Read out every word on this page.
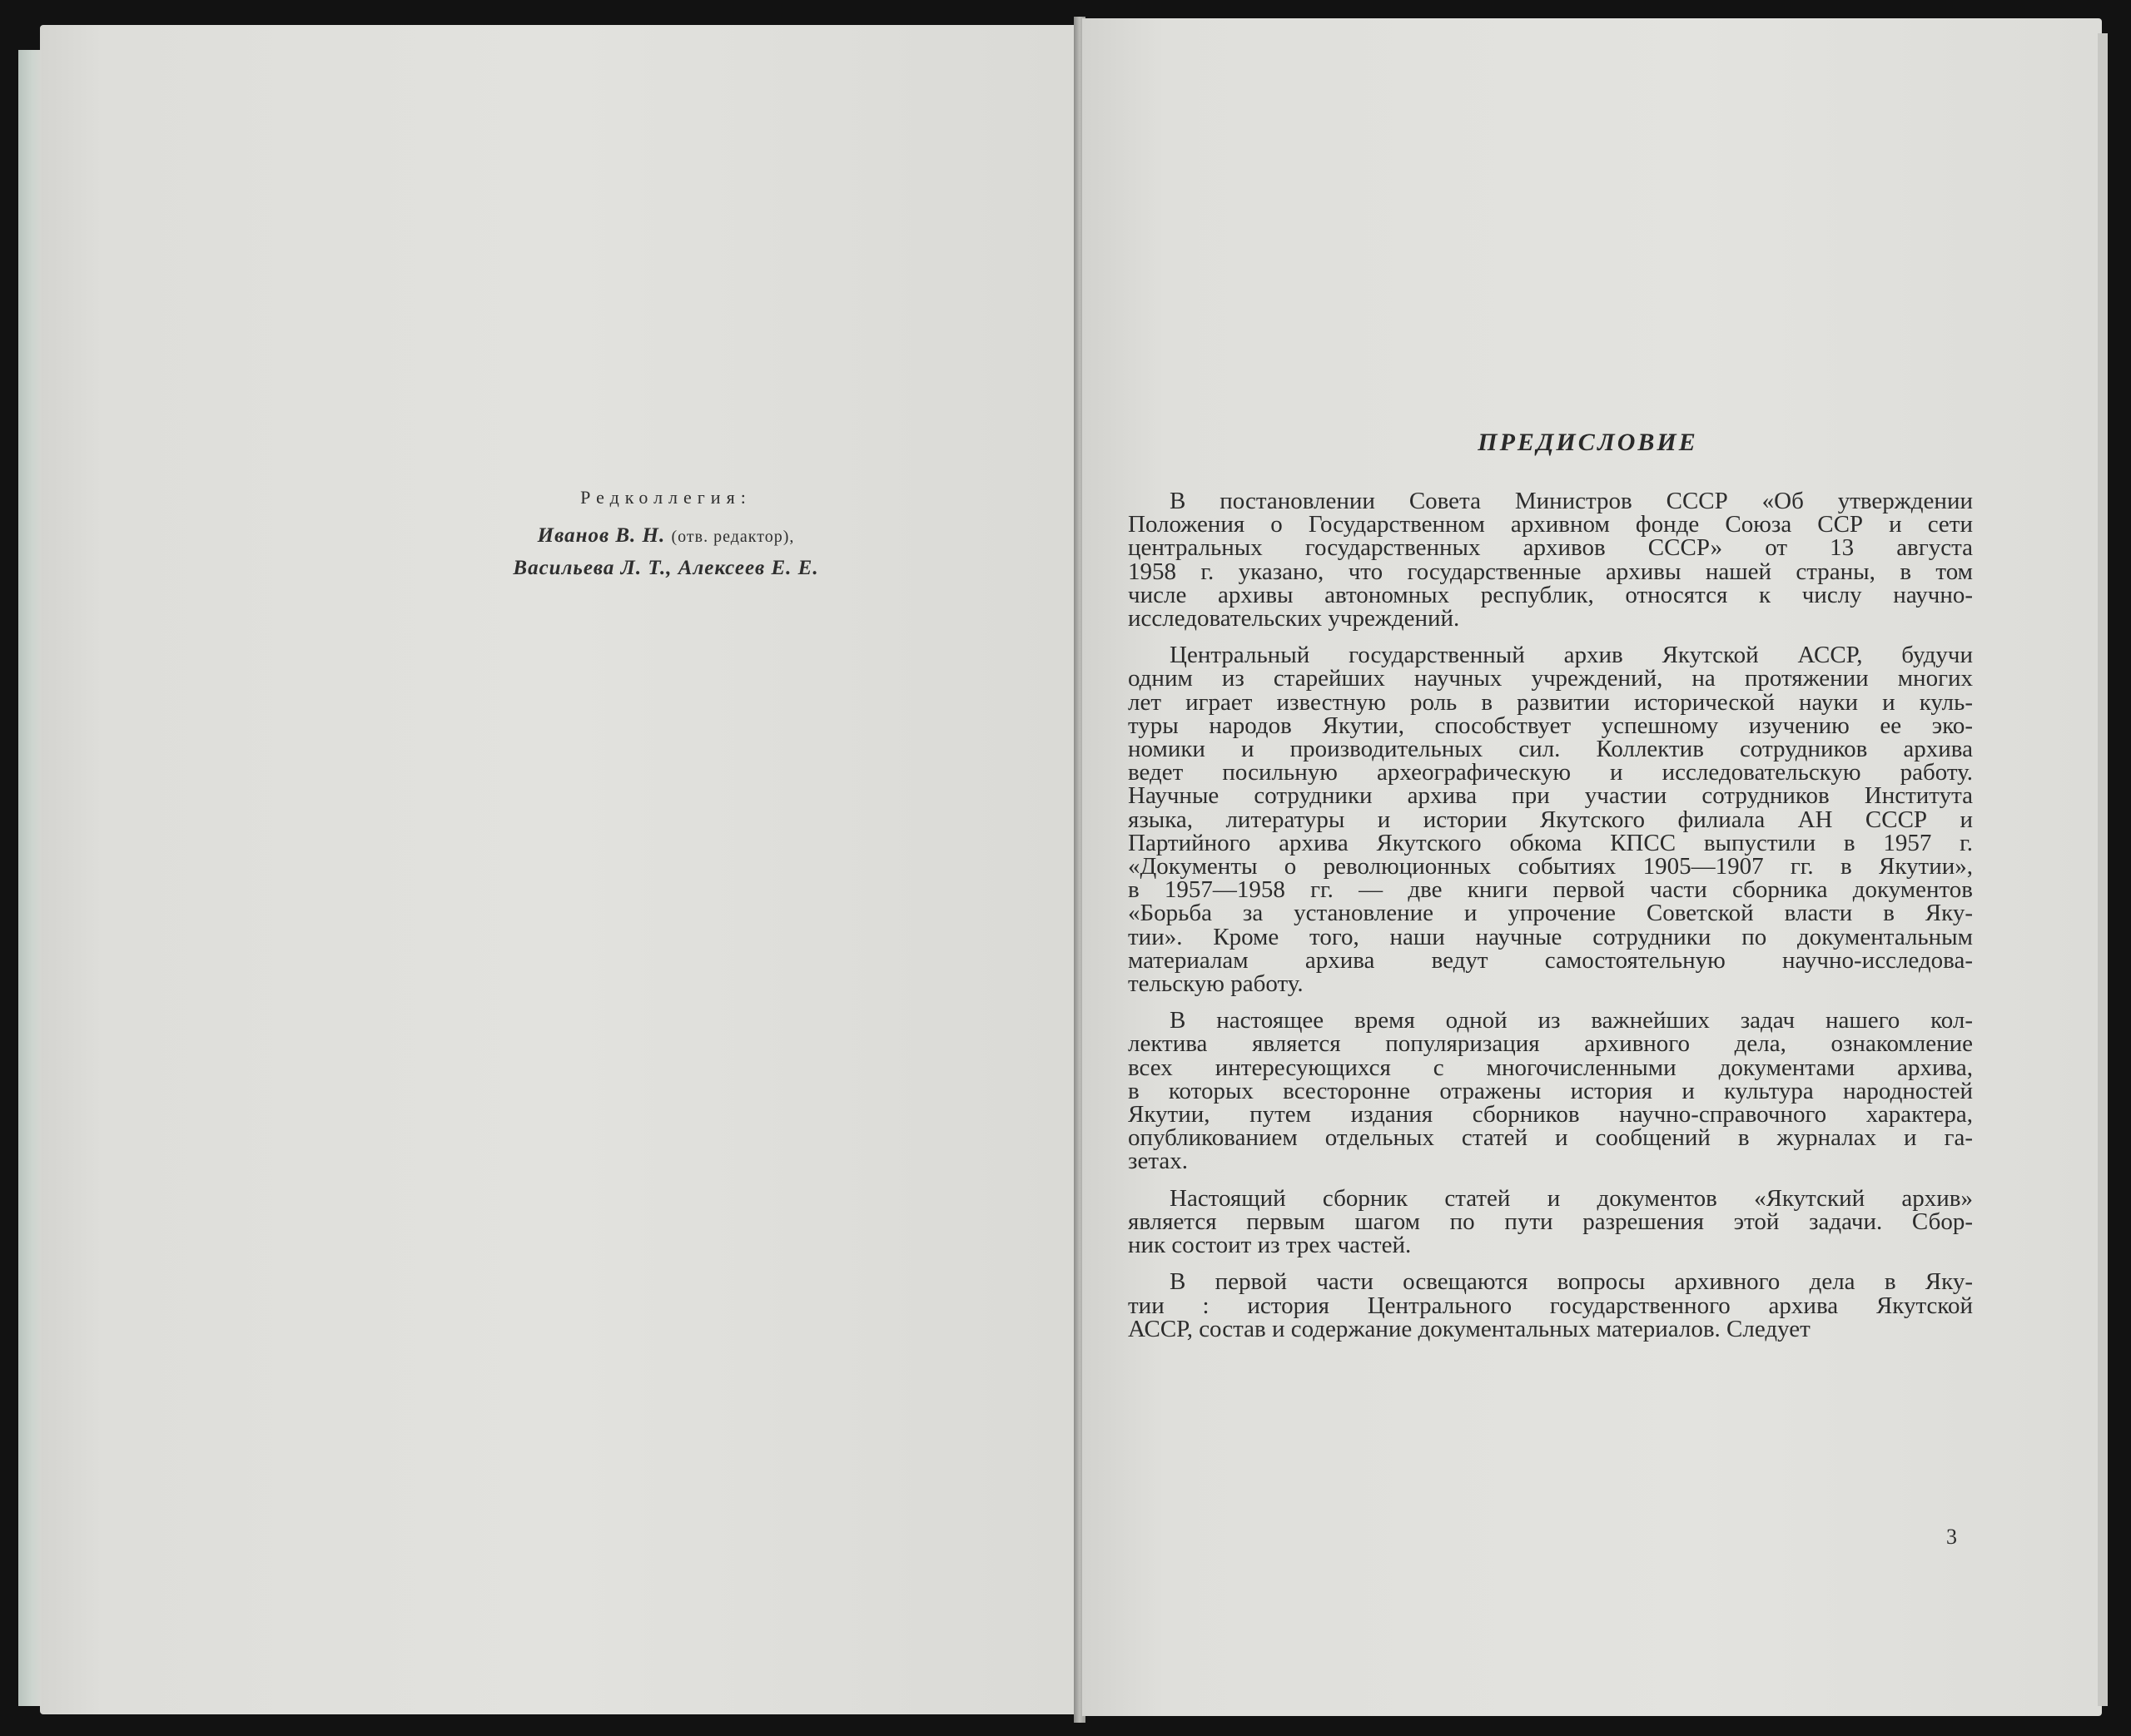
Редколлегия:
Иванов В. Н. (отв. редактор),
Васильева Л. Т., Алексеев Е. Е.
ПРЕДИСЛОВИЕ
В постановлении Совета Министров СССР «Об утверждении
Положения о Государственном архивном фонде Союза ССР и сети
центральных государственных архивов СССР» от 13 августа
1958 г. указано, что государственные архивы нашей страны, в том
числе архивы автономных республик, относятся к числу научно-
исследовательских учреждений.
Центральный государственный архив Якутской АССР, будучи
одним из старейших научных учреждений, на протяжении многих
лет играет известную роль в развитии исторической науки и куль-
туры народов Якутии, способствует успешному изучению ее эко-
номики и производительных сил. Коллектив сотрудников архива
ведет посильную археографическую и исследовательскую работу.
Научные сотрудники архива при участии сотрудников Института
языка, литературы и истории Якутского филиала АН СССР и
Партийного архива Якутского обкома КПСС выпустили в 1957 г.
«Документы о революционных событиях 1905—1907 гг. в Якутии»,
в 1957—1958 гг. — две книги первой части сборника документов
«Борьба за установление и упрочение Советской власти в Яку-
тии». Кроме того, наши научные сотрудники по документальным
материалам архива ведут самостоятельную научно-исследова-
тельскую работу.
В настоящее время одной из важнейших задач нашего кол-
лектива является популяризация архивного дела, ознакомление
всех интересующихся с многочисленными документами архива,
в которых всесторонне отражены история и культура народностей
Якутии, путем издания сборников научно-справочного характера,
опубликованием отдельных статей и сообщений в журналах и га-
зетах.
Настоящий сборник статей и документов «Якутский архив»
является первым шагом по пути разрешения этой задачи. Сбор-
ник состоит из трех частей.
В первой части освещаются вопросы архивного дела в Яку-
тии : история Центрального государственного архива Якутской
АССР, состав и содержание документальных материалов. Следует
3
